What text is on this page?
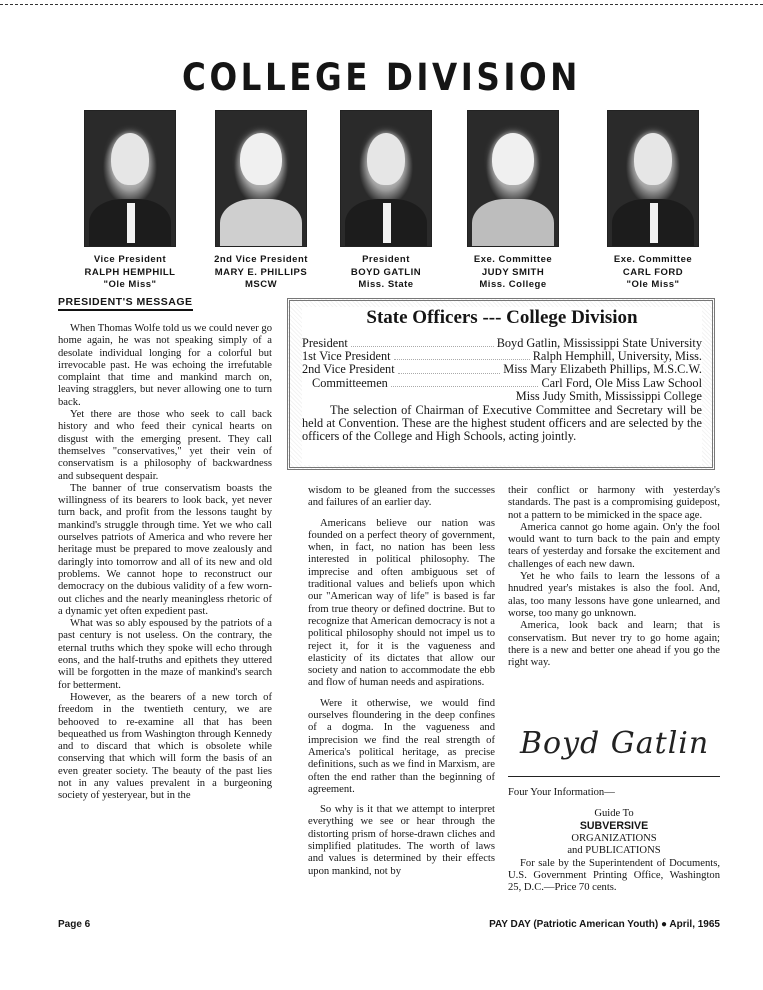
COLLEGE DIVISION
Vice President
RALPH HEMPHILL
"Ole Miss"
2nd Vice President
MARY E. PHILLIPS
MSCW
President
BOYD GATLIN
Miss. State
Exe. Committee
JUDY SMITH
Miss. College
Exe. Committee
CARL FORD
"Ole Miss"
PRESIDENT'S MESSAGE

When Thomas Wolfe told us we could never go home again, he was not speaking simply of a desolate individual longing for a colorful but irrevocable past. He was echoing the irrefutable complaint that time and mankind march on, leaving stragglers, but never allowing one to turn back.

Yet there are those who seek to call back history and who feed their cynical hearts on disgust with the emerging present. They call themselves "conservatives," yet their vein of conservatism is a philosophy of backwardness and subsequent despair.

The banner of true conservatism boasts the willingness of its bearers to look back, yet never turn back, and profit from the lessons taught by mankind's struggle through time. Yet we who call ourselves patriots of America and who revere her heritage must be prepared to move zealously and daringly into tomorrow and all of its new and old problems. We cannot hope to reconstruct our democracy on the dubious validity of a few worn-out cliches and the nearly meaningless rhetoric of a dynamic yet often expedient past.

What was so ably espoused by the patriots of a past century is not useless. On the contrary, the eternal truths which they spoke will echo through eons, and the half-truths and epithets they uttered will be forgotten in the maze of mankind's search for betterment.

However, as the bearers of a new torch of freedom in the twentieth century, we are behooved to re-examine all that has been bequeathed us from Washington through Kennedy and to discard that which is obsolete while conserving that which will form the basis of an even greater society. The beauty of the past lies not in any values prevalent in a burgeoning society of yesteryear, but in the

State Officers --- College Division
President	Boyd Gatlin, Mississippi State University
1st Vice President	Ralph Hemphill, University, Miss.
2nd Vice President	Miss Mary Elizabeth Phillips, M.S.C.W.
Committeemen	Carl Ford, Ole Miss Law School
Miss Judy Smith, Mississippi College
The selection of Chairman of Executive Committee and Secretary will be held at Convention. These are the highest student officers and are selected by the officers of the College and High Schools, acting jointly.

wisdom to be gleaned from the successes and failures of an earlier day.

Americans believe our nation was founded on a perfect theory of government, when, in fact, no nation has been less interested in political philosophy. The imprecise and often ambiguous set of traditional values and beliefs upon which our "American way of life" is based is far from true theory or defined doctrine. But to recognize that American democracy is not a political philosophy should not impel us to reject it, for it is the vagueness and elasticity of its dictates that allow our society and nation to accommodate the ebb and flow of human needs and aspirations.

Were it otherwise, we would find ourselves floundering in the deep confines of a dogma. In the vagueness and imprecision we find the real strength of America's political heritage, as precise definitions, such as we find in Marxism, are often the end rather than the beginning of agreement.

So why is it that we attempt to interpret everything we see or hear through the distorting prism of horse-drawn cliches and simplified platitudes. The worth of laws and values is determined by their effects upon mankind, not by

their conflict or harmony with yesterday's standards. The past is a compromising guidepost, not a pattern to be mimicked in the space age.

America cannot go home again. On'y the fool would want to turn back to the pain and empty tears of yesterday and forsake the excitement and challenges of each new dawn.

Yet he who fails to learn the lessons of a hnudred year's mistakes is also the fool. And, alas, too many lessons have gone unlearned, and worse, too many go unknown.

America, look back and learn; that is conservatism. But never try to go home again; there is a new and better one ahead if you go the right way.

Boyd Gatlin
Four Your Information—
Guide To
SUBVERSIVE
ORGANIZATIONS
and PUBLICATIONS

For sale by the Superintendent of Documents, U.S. Government Printing Office, Washington 25, D.C.—Price 70 cents.

Page 6	PAY DAY (Patriotic American Youth) ● April, 1965
